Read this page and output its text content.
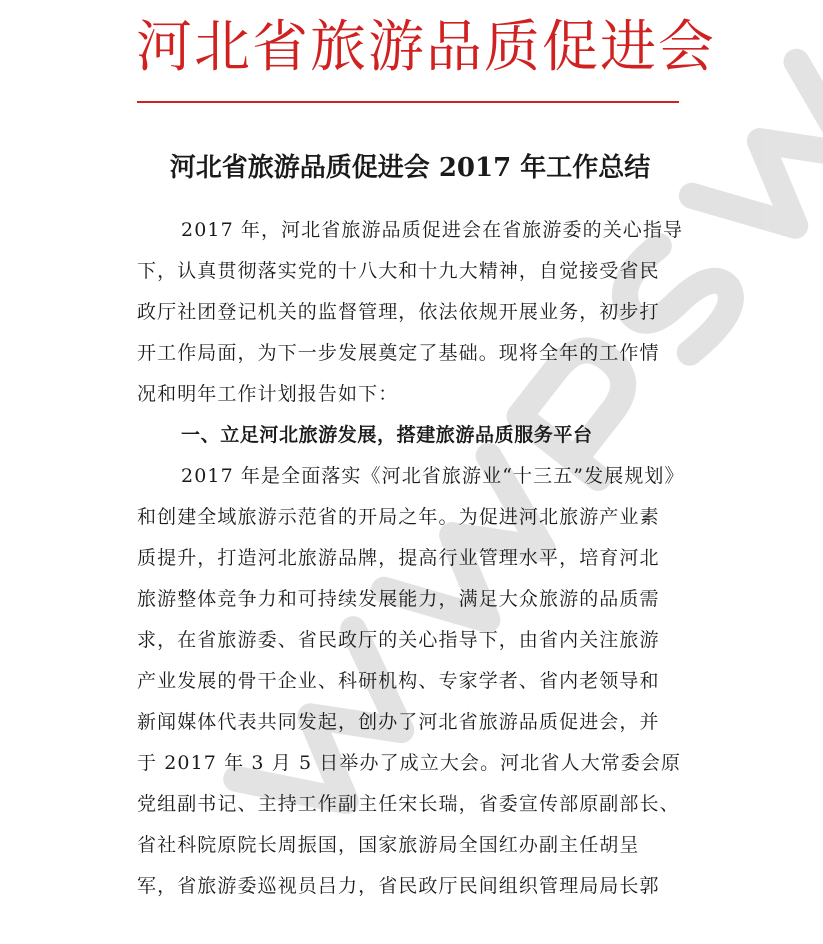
河北省旅游品质促进会
河北省旅游品质促进会 2017 年工作总结
2017 年，河北省旅游品质促进会在省旅游委的关心指导
下，认真贯彻落实党的十八大和十九大精神，自觉接受省民
政厅社团登记机关的监督管理，依法依规开展业务，初步打
开工作局面，为下一步发展奠定了基础。现将全年的工作情
况和明年工作计划报告如下：
一、立足河北旅游发展，搭建旅游品质服务平台
2017 年是全面落实《河北省旅游业“十三五”发展规划》
和创建全域旅游示范省的开局之年。为促进河北旅游产业素
质提升，打造河北旅游品牌，提高行业管理水平，培育河北
旅游整体竞争力和可持续发展能力，满足大众旅游的品质需
求，在省旅游委、省民政厅的关心指导下，由省内关注旅游
产业发展的骨干企业、科研机构、专家学者、省内老领导和
新闻媒体代表共同发起，创办了河北省旅游品质促进会，并
于 2017 年 3 月 5 日举办了成立大会。河北省人大常委会原
党组副书记、主持工作副主任宋长瑞，省委宣传部原副部长、
省社科院原院长周振国，国家旅游局全国红办副主任胡呈
军，省旅游委巡视员吕力，省民政厅民间组织管理局局长郭
